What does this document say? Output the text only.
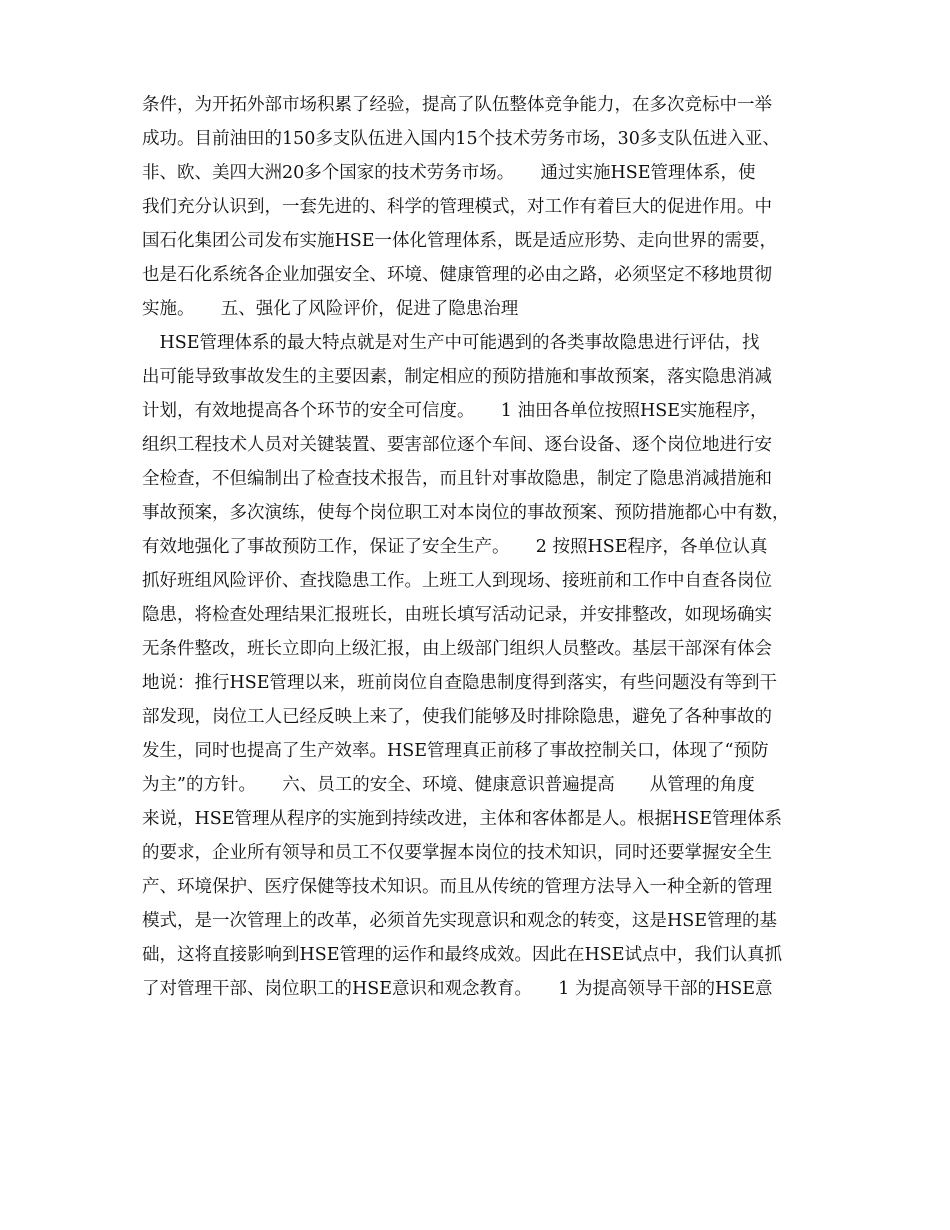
条件，为开拓外部市场积累了经验，提高了队伍整体竞争能力，在多次竞标中一举
成功。目前油田的150多支队伍进入国内15个技术劳务市场，30多支队伍进入亚、
非、欧、美四大洲20多个国家的技术劳务市场。　　通过实施HSE管理体系，使
我们充分认识到，一套先进的、科学的管理模式，对工作有着巨大的促进作用。中
国石化集团公司发布实施HSE一体化管理体系，既是适应形势、走向世界的需要，
也是石化系统各企业加强安全、环境、健康管理的必由之路，必须坚定不移地贯彻
实施。　　五、强化了风险评价，促进了隐患治理
　HSE管理体系的最大特点就是对生产中可能遇到的各类事故隐患进行评估，找
出可能导致事故发生的主要因素，制定相应的预防措施和事故预案，落实隐患消减
计划，有效地提高各个环节的安全可信度。　　1 油田各单位按照HSE实施程序，
组织工程技术人员对关键装置、要害部位逐个车间、逐台设备、逐个岗位地进行安
全检查，不但编制出了检查技术报告，而且针对事故隐患，制定了隐患消减措施和
事故预案，多次演练，使每个岗位职工对本岗位的事故预案、预防措施都心中有数，
有效地强化了事故预防工作，保证了安全生产。　　2 按照HSE程序，各单位认真
抓好班组风险评价、查找隐患工作。上班工人到现场、接班前和工作中自查各岗位
隐患，将检查处理结果汇报班长，由班长填写活动记录，并安排整改，如现场确实
无条件整改，班长立即向上级汇报，由上级部门组织人员整改。基层干部深有体会
地说：推行HSE管理以来，班前岗位自查隐患制度得到落实，有些问题没有等到干
部发现，岗位工人已经反映上来了，使我们能够及时排除隐患，避免了各种事故的
发生，同时也提高了生产效率。HSE管理真正前移了事故控制关口，体现了“预防
为主”的方针。　　六、员工的安全、环境、健康意识普遍提高　　从管理的角度
来说，HSE管理从程序的实施到持续改进，主体和客体都是人。根据HSE管理体系
的要求，企业所有领导和员工不仅要掌握本岗位的技术知识，同时还要掌握安全生
产、环境保护、医疗保健等技术知识。而且从传统的管理方法导入一种全新的管理
模式，是一次管理上的改革，必须首先实现意识和观念的转变，这是HSE管理的基
础，这将直接影响到HSE管理的运作和最终成效。因此在HSE试点中，我们认真抓
了对管理干部、岗位职工的HSE意识和观念教育。　　1 为提高领导干部的HSE意
